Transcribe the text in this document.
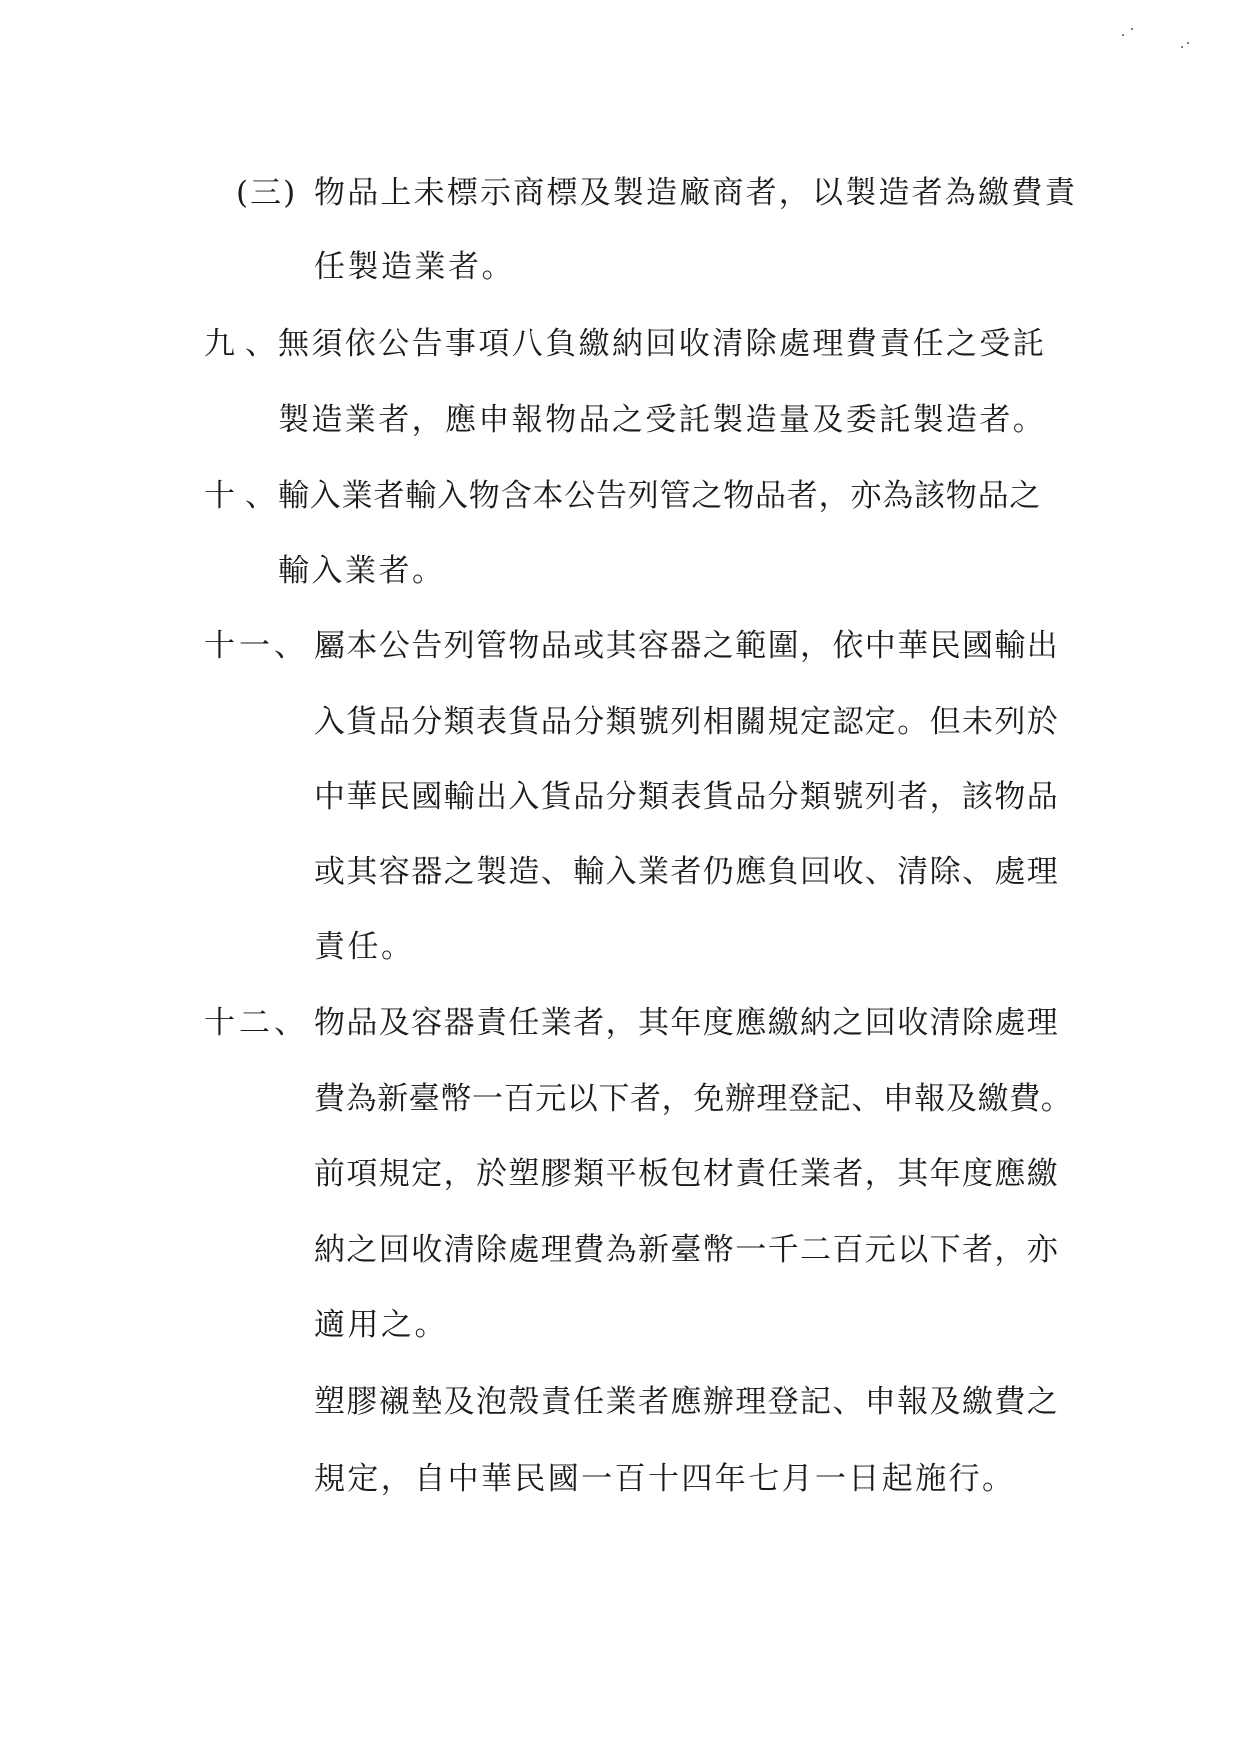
(三) 物品上未標示商標及製造廠商者，以製造者為繳費責
任製造業者。
九、
無須依公告事項八負繳納回收清除處理費責任之受託
製造業者，應申報物品之受託製造量及委託製造者。
十、
輸入業者輸入物含本公告列管之物品者，亦為該物品之
輸入業者。
十一、 屬本公告列管物品或其容器之範圍，依中華民國輸出
入貨品分類表貨品分類號列相關規定認定。但未列於
中華民國輸出入貨品分類表貨品分類號列者，該物品
或其容器之製造、輸入業者仍應負回收、清除、處理
責任。
十二、 物品及容器責任業者，其年度應繳納之回收清除處理
費為新臺幣一百元以下者，免辦理登記、申報及繳費。
前項規定，於塑膠類平板包材責任業者，其年度應繳
納之回收清除處理費為新臺幣一千二百元以下者，亦
適用之。
塑膠襯墊及泡殼責任業者應辦理登記、申報及繳費之
規定，自中華民國一百十四年七月一日起施行。
